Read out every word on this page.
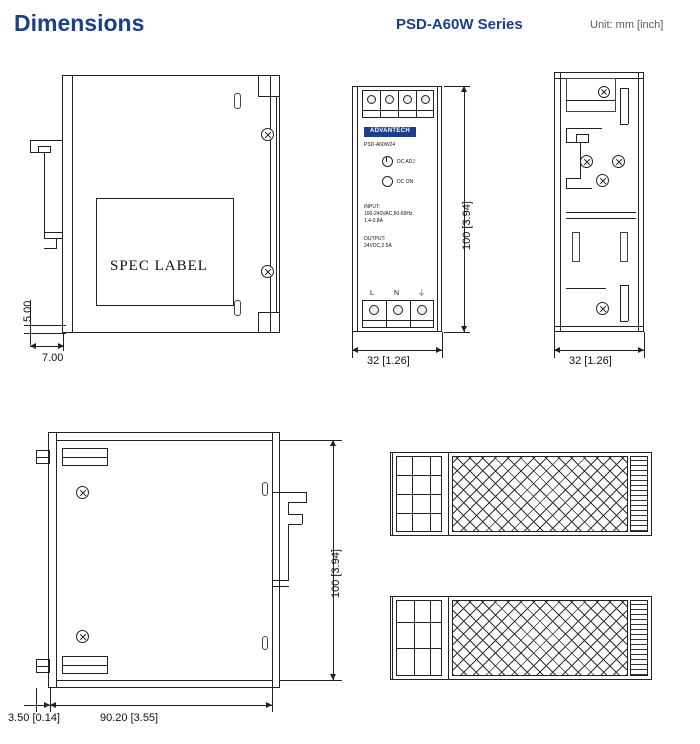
Dimensions	PSD-A60W Series	Unit: mm [inch]
SPEC LABEL
5.00
7.00
ADVANTECH
PSD-A60W24
DC ADJ
DC ON
INPUT:
100-240VAC,50-60Hz,
1.4-0.8A
OUTPUT:
24VDC,2.5A
L	N	⏚
100 [3.94]
32 [1.26]	32 [1.26]
100 [3.94]
3.50 [0.14]	90.20 [3.55]
